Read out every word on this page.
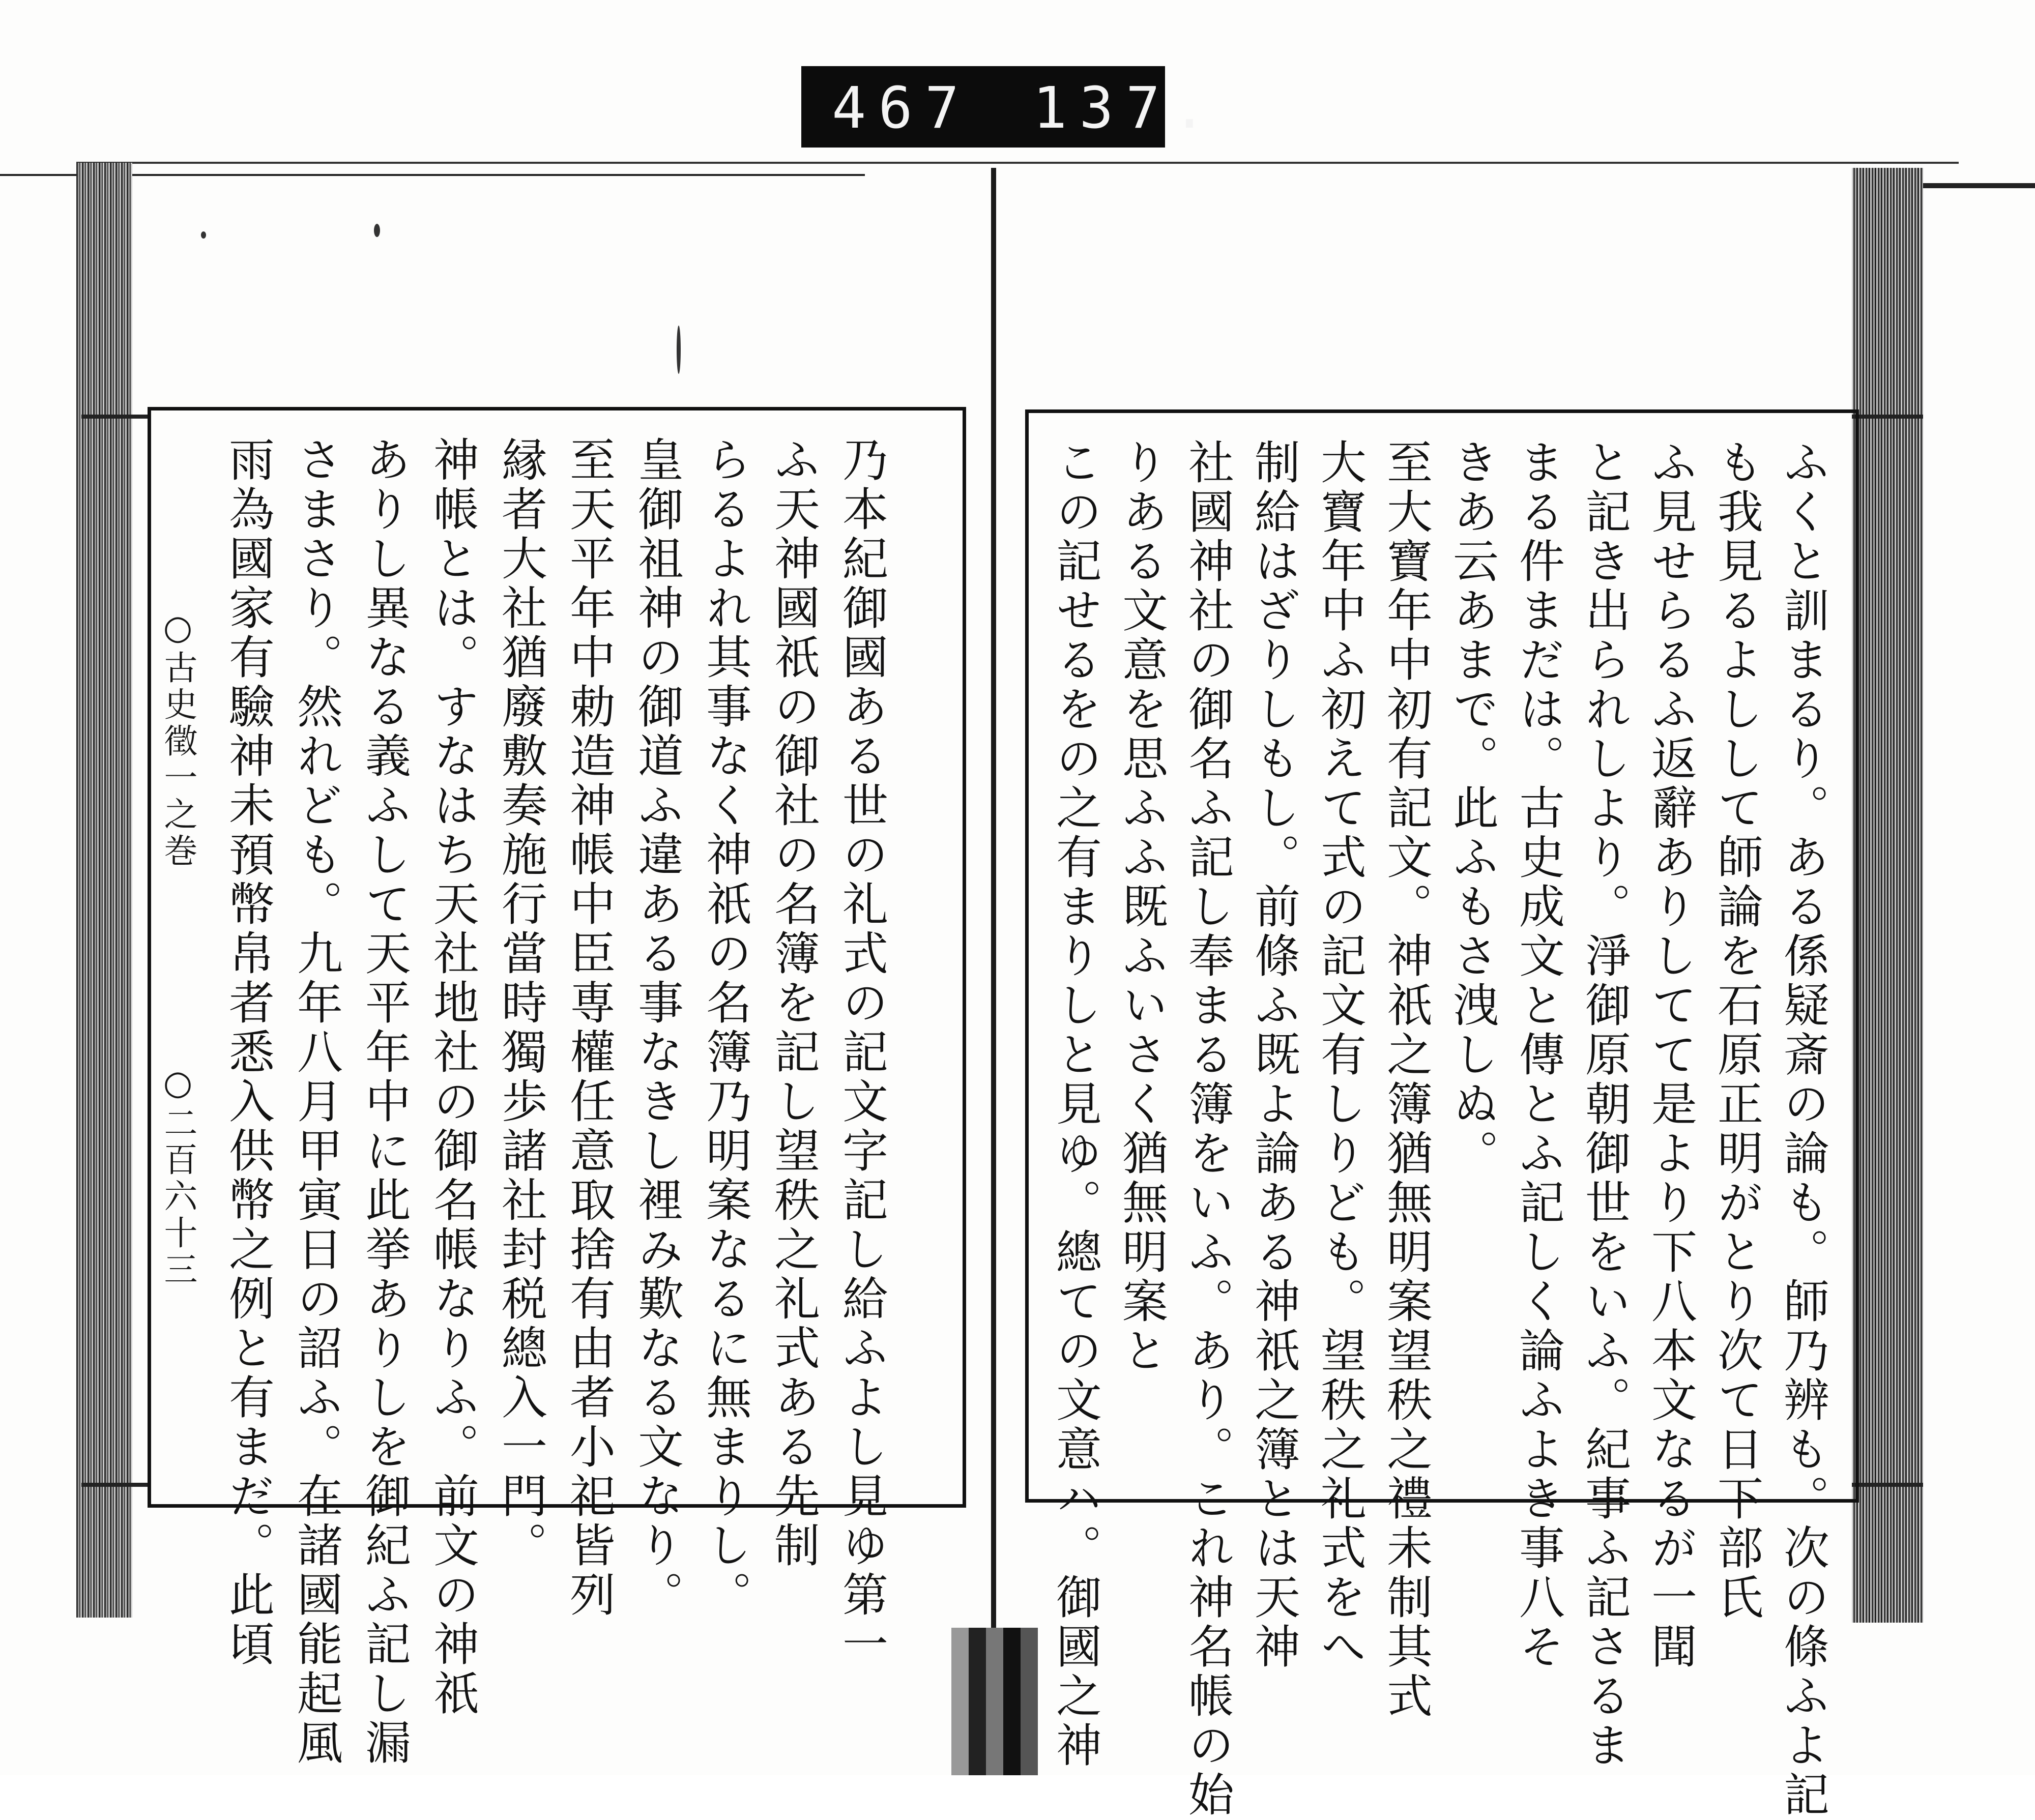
467 137.
○古史徵一之巻
○二百六十三	乃本紀御國ある世の礼式の記文字記し給ふよし見ゆ第一
ふ天神國祇の御社の名簿を記し望秩之礼式ある先制
らるよれ其事なく神祇の名簿乃明案なるに無まりし。
皇御祖神の御道ふ違ある事なきし裡み歎なる文なり。
至天平年中勅造神帳中臣専權任意取捨有由者小祀皆列
縁者大社猶廢敷奏施行當時獨歩諸社封税總入一門。
神帳とは。すなはち天社地社の御名帳なりふ。前文の神祇
ありし異なる義ふして天平年中に此挙ありしを御紀ふ記し漏
さまさり。然れども。九年八月甲寅日の詔ふ。在諸國能起風
雨為國家有驗神未預幣帛者悉入供幣之例と有まだ。此頃	ふくと訓まるり。ある係疑斎の論も。師乃辨も。次の條ふよ記
も我見るよしして師論を石原正明がとり次て日下部氏
ふ見せらるふ返辭ありしてて是より下八本文なるが一聞
と記き出られしより。淨御原朝御世をいふ。紀事ふ記さるま
まる件まだは。古史成文と傳とふ記しく論ふよき事八そ
きあ云あまで。此ふもさ洩しぬ。
至大寶年中初有記文。神祇之簿猶無明案望秩之禮未制其式
大寶年中ふ初えて式の記文有しりども。望秩之礼式をへ
制給はざりしもし。前條ふ既よ論ある神祇之簿とは天神
社國神社の御名ふ記し奉まる簿をいふ。あり。これ神名帳の始
りある文意を思ふふ既ふいさく猶無明案と
この記せるをの之有まりしと見ゆ。總ての文意ハ。御國之神
